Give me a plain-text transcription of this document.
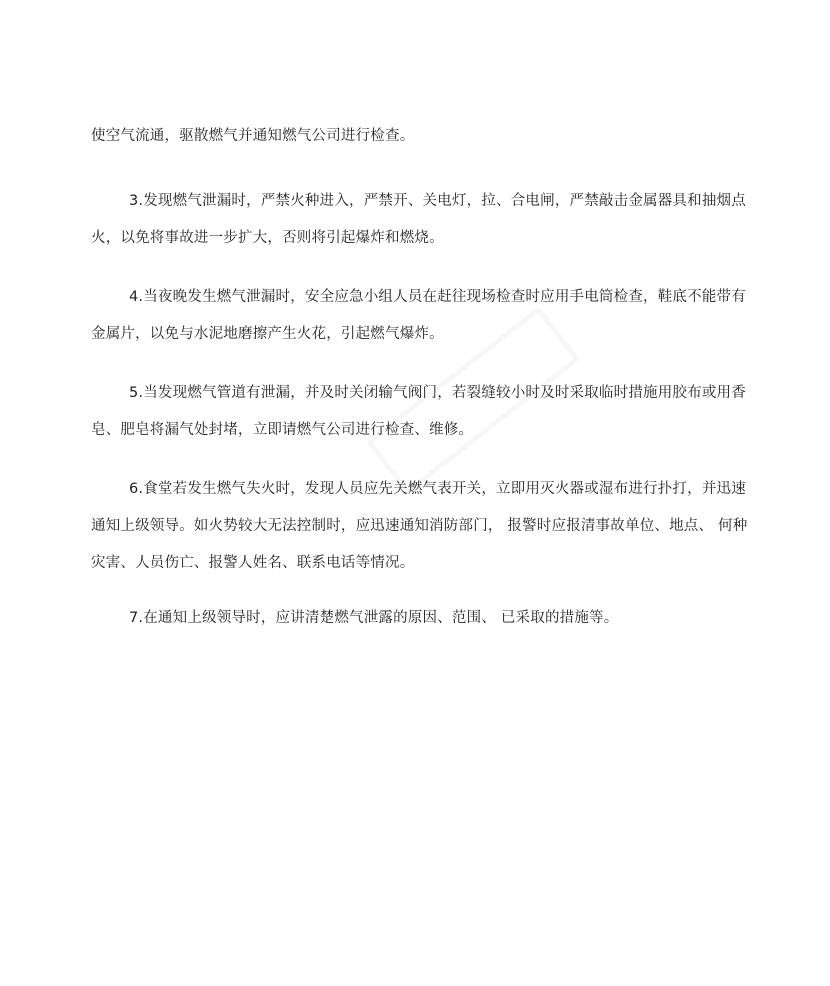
使空气流通，驱散燃气并通知燃气公司进行检查。

3.发现燃气泄漏时，严禁火种进入，严禁开、关电灯，拉、合电闸，严禁敲击金属器具和抽烟点火，以免将事故进一步扩大，否则将引起爆炸和燃烧。

4.当夜晚发生燃气泄漏时，安全应急小组人员在赶往现场检查时应用手电筒检查，鞋底不能带有金属片，以免与水泥地磨擦产生火花，引起燃气爆炸。

5.当发现燃气管道有泄漏，并及时关闭输气阀门，若裂缝较小时及时采取临时措施用胶布或用香皂、肥皂将漏气处封堵，立即请燃气公司进行检查、维修。

6.食堂若发生燃气失火时，发现人员应先关燃气表开关，立即用灭火器或湿布进行扑打，并迅速通知上级领导。如火势较大无法控制时，应迅速通知消防部门， 报警时应报清事故单位、地点、 何种灾害、人员伤亡、报警人姓名、联系电话等情况。

7.在通知上级领导时，应讲清楚燃气泄露的原因、范围、 已采取的措施等。
